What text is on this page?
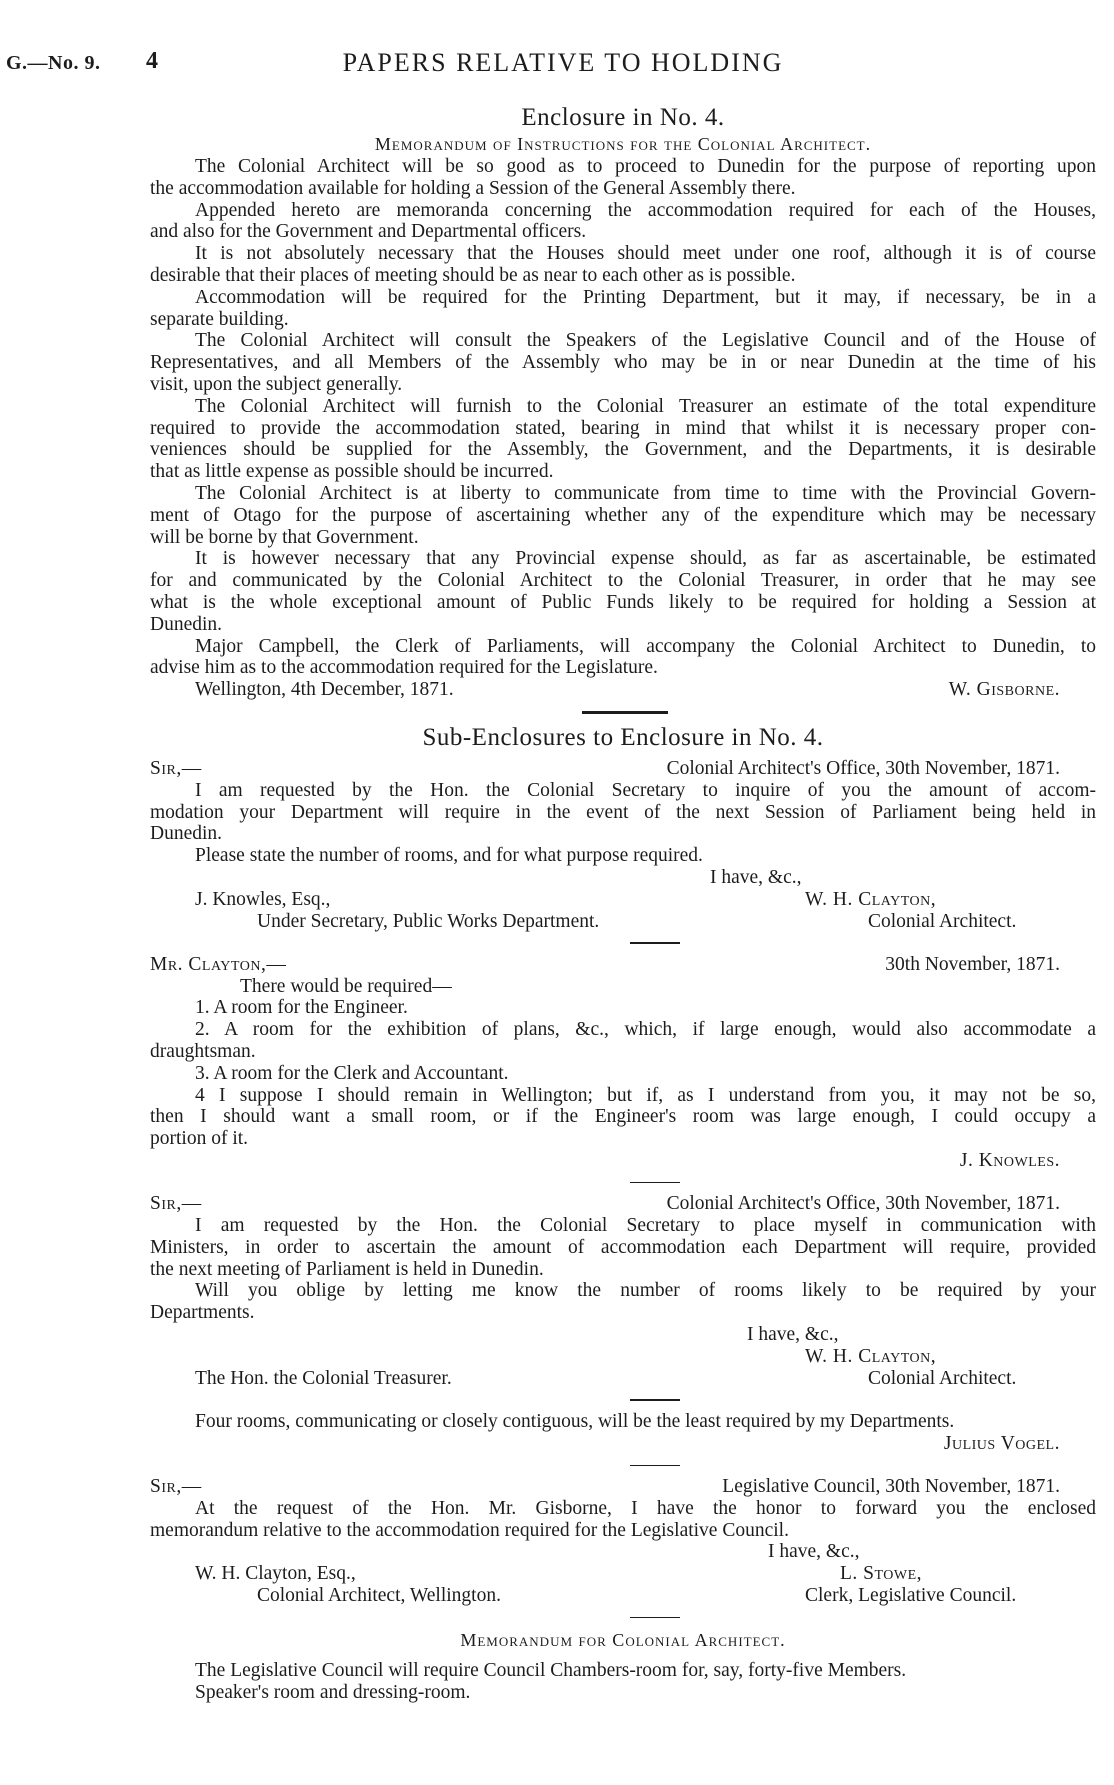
G.—No. 9. 4	PAPERS RELATIVE TO HOLDING
Enclosure in No. 4.
Memorandum of Instructions for the Colonial Architect.
The Colonial Architect will be so good as to proceed to Dunedin for the purpose of reporting upon
the accommodation available for holding a Session of the General Assembly there.
Appended hereto are memoranda concerning the accommodation required for each of the Houses,
and also for the Government and Departmental officers.
It is not absolutely necessary that the Houses should meet under one roof, although it is of course
desirable that their places of meeting should be as near to each other as is possible.
Accommodation will be required for the Printing Department, but it may, if necessary, be in a
separate building.
The Colonial Architect will consult the Speakers of the Legislative Council and of the House of
Representatives, and all Members of the Assembly who may be in or near Dunedin at the time of his
visit, upon the subject generally.
The Colonial Architect will furnish to the Colonial Treasurer an estimate of the total expenditure
required to provide the accommodation stated, bearing in mind that whilst it is necessary proper con-
veniences should be supplied for the Assembly, the Government, and the Departments, it is desirable
that as little expense as possible should be incurred.
The Colonial Architect is at liberty to communicate from time to time with the Provincial Govern-
ment of Otago for the purpose of ascertaining whether any of the expenditure which may be necessary
will be borne by that Government.
It is however necessary that any Provincial expense should, as far as ascertainable, be estimated
for and communicated by the Colonial Architect to the Colonial Treasurer, in order that he may see
what is the whole exceptional amount of Public Funds likely to be required for holding a Session at
Dunedin.
Major Campbell, the Clerk of Parliaments, will accompany the Colonial Architect to Dunedin, to
advise him as to the accommodation required for the Legislature.
Wellington, 4th December, 1871.	W. Gisborne.
Sub-Enclosures to Enclosure in No. 4.
Sir,—	Colonial Architect's Office, 30th November, 1871.
I am requested by the Hon. the Colonial Secretary to inquire of you the amount of accom-
modation your Department will require in the event of the next Session of Parliament being held in
Dunedin.
Please state the number of rooms, and for what purpose required.
I have, &c.,
J. Knowles, Esq.,	W. H. Clayton,
Under Secretary, Public Works Department.	Colonial Architect.
Mr. Clayton,—	30th November, 1871.
There would be required—
1. A room for the Engineer.
2. A room for the exhibition of plans, &c., which, if large enough, would also accommodate a
draughtsman.
3. A room for the Clerk and Accountant.
4 I suppose I should remain in Wellington; but if, as I understand from you, it may not be so,
then I should want a small room, or if the Engineer's room was large enough, I could occupy a
portion of it.
J. Knowles.
Sir,—	Colonial Architect's Office, 30th November, 1871.
I am requested by the Hon. the Colonial Secretary to place myself in communication with
Ministers, in order to ascertain the amount of accommodation each Department will require, provided
the next meeting of Parliament is held in Dunedin.
Will you oblige by letting me know the number of rooms likely to be required by your
Departments.
I have, &c.,
W. H. Clayton,
The Hon. the Colonial Treasurer.	Colonial Architect.
Four rooms, communicating or closely contiguous, will be the least required by my Departments.
Julius Vogel.
Sir,—	Legislative Council, 30th November, 1871.
At the request of the Hon. Mr. Gisborne, I have the honor to forward you the enclosed
memorandum relative to the accommodation required for the Legislative Council.
I have, &c.,
W. H. Clayton, Esq.,	L. Stowe,
Colonial Architect, Wellington.	Clerk, Legislative Council.
Memorandum for Colonial Architect.
The Legislative Council will require Council Chambers-room for, say, forty-five Members.
Speaker's room and dressing-room.
